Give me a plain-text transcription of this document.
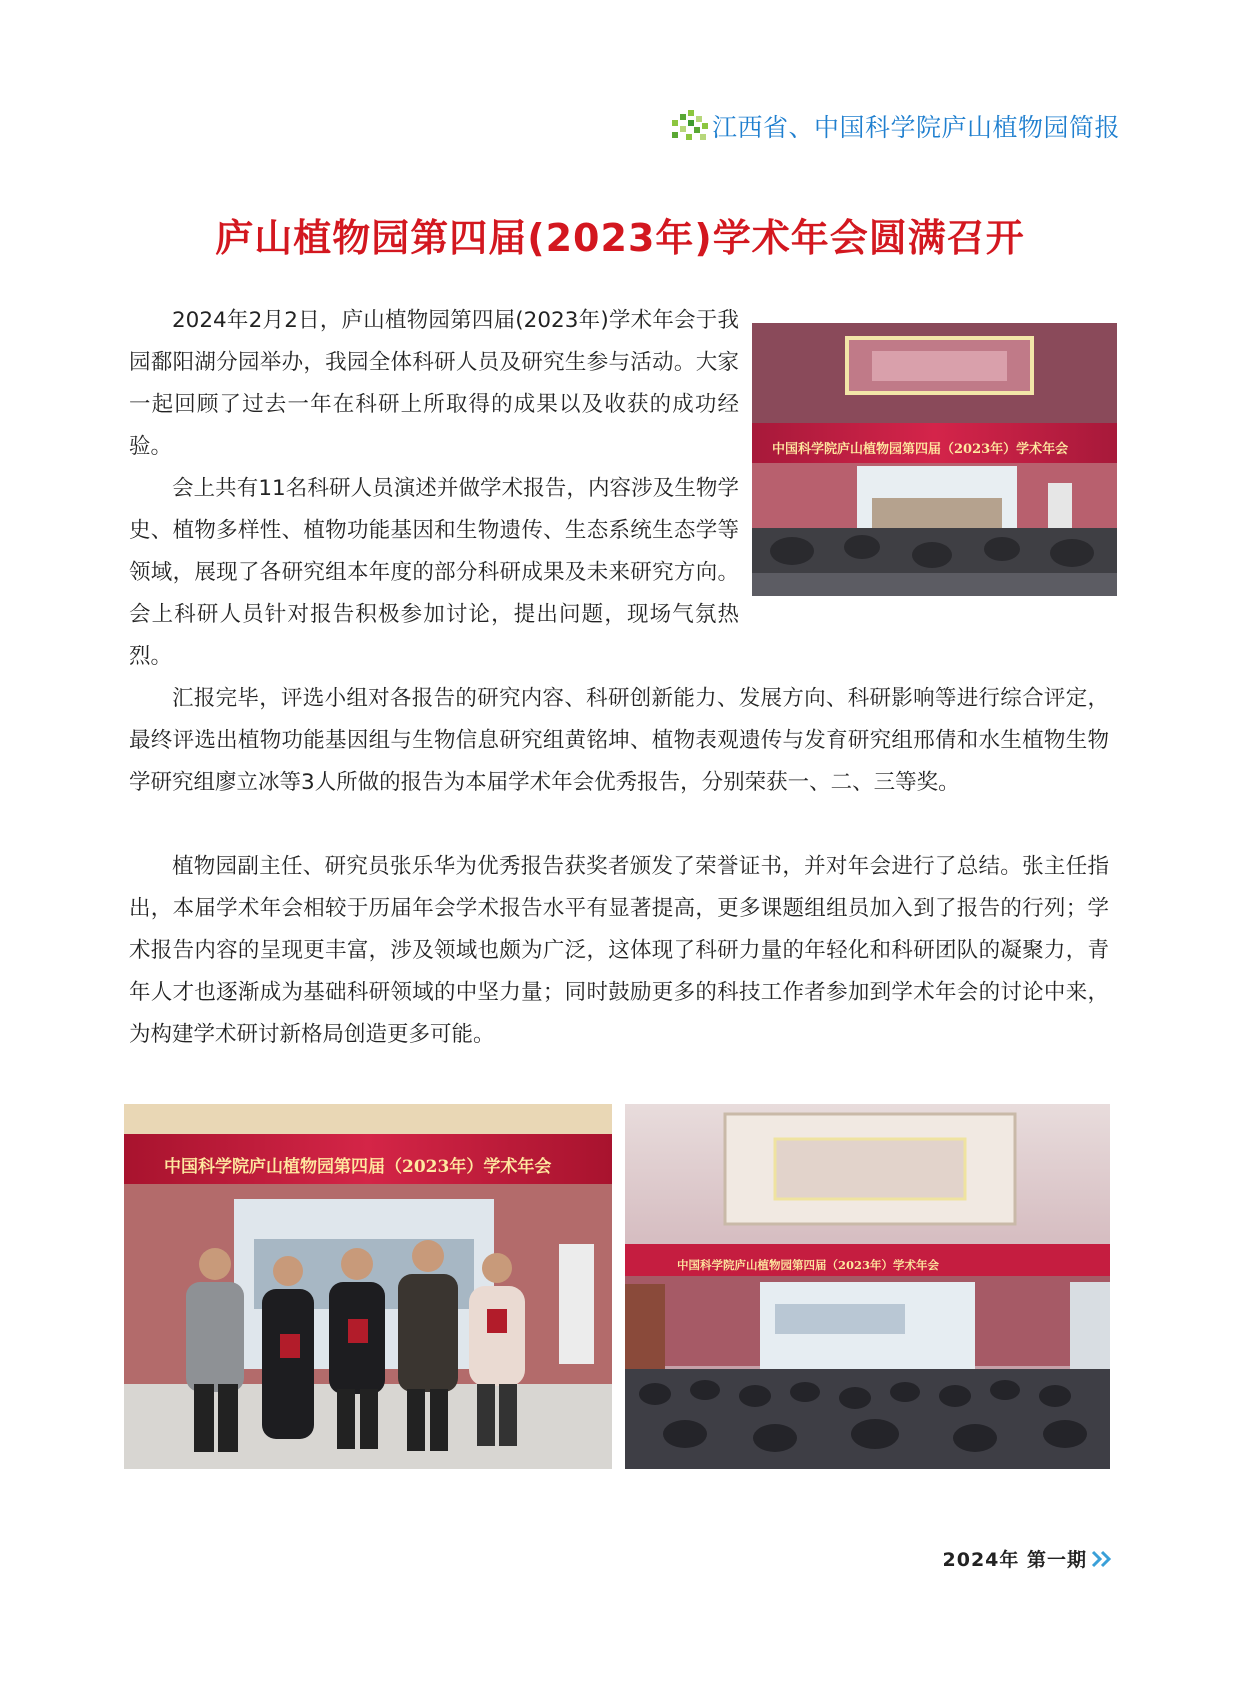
江西省、中国科学院庐山植物园简报
庐山植物园第四届(2023年)学术年会圆满召开

2024年2月2日，庐山植物园第四届(2023年)学术年会于我园鄱阳湖分园举办，我园全体科研人员及研究生参与活动。大家一起回顾了过去一年在科研上所取得的成果以及收获的成功经验。

会上共有11名科研人员演述并做学术报告，内容涉及生物学史、植物多样性、植物功能基因和生物遗传、生态系统生态学等领域，展现了各研究组本年度的部分科研成果及未来研究方向。会上科研人员针对报告积极参加讨论，提出问题，现场气氛热烈。

汇报完毕，评选小组对各报告的研究内容、科研创新能力、发展方向、科研影响等进行综合评定，最终评选出植物功能基因组与生物信息研究组黄铭坤、植物表观遗传与发育研究组邢倩和水生植物生物学研究组廖立冰等3人所做的报告为本届学术年会优秀报告，分别荣获一、二、三等奖。

植物园副主任、研究员张乐华为优秀报告获奖者颁发了荣誉证书，并对年会进行了总结。张主任指出，本届学术年会相较于历届年会学术报告水平有显著提高，更多课题组组员加入到了报告的行列；学术报告内容的呈现更丰富，涉及领域也颇为广泛，这体现了科研力量的年轻化和科研团队的凝聚力，青年人才也逐渐成为基础科研领域的中坚力量；同时鼓励更多的科技工作者参加到学术年会的讨论中来，为构建学术研讨新格局创造更多可能。

中国科学院庐山植物园第四届（2023年）学术年会
中国科学院庐山植物园第四届（2023年）学术年会
中国科学院庐山植物园第四届（2023年）学术年会
2024年 第一期
